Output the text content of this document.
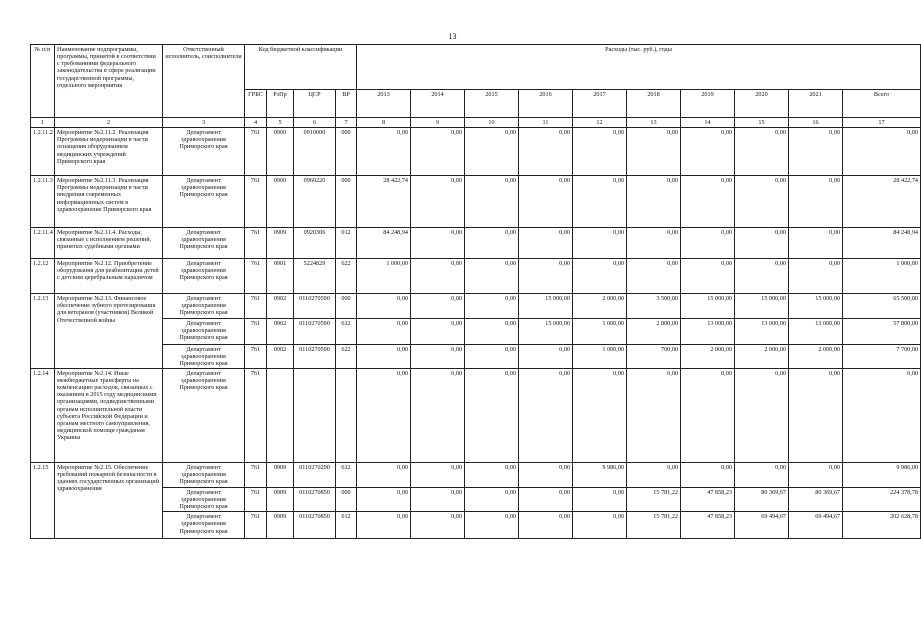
13
№ п/п	Наименование подпрограммы, программы, принятой в соответствии с требованиями федерального законодательства в сфере реализации государственной программы, отдельного мероприятия	Ответственный исполнитель, соисполнители	Код бюджетной классификации				Расходы (тыс. руб.), годы									
			ГРБС	РзПр	ЦСР	ВР	2013	2014	2015	2016	2017	2018	2019	2020	2021	Всего
1	2	3	4	5	6	7	8	9	10	11	12	13	14	15	16	17
1.2.11.2	Мероприятие №2.11.2. Реализация Программы модернизации в части оснащения оборудованием медицинских учреждений Приморского края	Департамент здравоохранения Приморского края	761	0900	0910000	000	0,00	0,00	0,00	0,00	0,00	0,00	0,00	0,00	0,00	0,00
1.2.11.3	Мероприятие №2.11.3. Реализация Программы модернизации в части внедрения современных информационных систем в здравоохранение Приморского края	Департамент здравоохранения Приморского края	761	0900	0960220	000	28 422,74	0,00	0,00	0,00	0,00	0,00	0,00	0,00	0,00	28 422,74
1.2.11.4	Мероприятие №2.11.4. Расходы, связанные с исполнением решений, принятых судебными органами	Департамент здравоохранения Приморского края	761	0909	0920306	012	84 248,94	0,00	0,00	0,00	0,00	0,00	0,00	0,00	0,00	84 248,94
1.2.12	Мероприятие №2.12. Приобретение оборудования для реабилитации детей с детским церебральным параличом	Департамент здравоохранения Приморского края	761	0901	5224829	622	1 000,00	0,00	0,00	0,00	0,00	0,00	0,00	0,00	0,00	1 000,00
1.2.13	Мероприятие №2.13. Финансовое обеспечение зубного протезирования для ветеранов (участников) Великой Отечественной войны	Департамент здравоохранения Приморского края	761	0902	0110270590	000	0,00	0,00	0,00	15 000,00	2 000,00	3 500,00	15 000,00	15 000,00	15 000,00	65 500,00
		Департамент здравоохранения Приморского края	761	0902	0110270590	612	0,00	0,00	0,00	15 000,00	1 000,00	2 800,00	13 000,00	13 000,00	13 000,00	57 800,00
		Департамент здравоохранения Приморского края	761	0902	0110270590	622	0,00	0,00	0,00	0,00	1 000,00	700,00	2 000,00	2 000,00	2 000,00	7 700,00
1.2.14	Мероприятие №2.14. Иные межбюджетные трансферты на компенсацию расходов, связанных с оказанием в 2015 году медицинскими организациями, подведомственными органам исполнительной власти субъекта Российской Федерации и органам местного самоуправления, медицинской помощи гражданам Украины	Департамент здравоохранения Приморского края	761				0,00	0,00	0,00	0,00	0,00	0,00	0,00	0,00	0,00	0,00
1.2.15	Мероприятие №2.15. Обеспечение требований пожарной безопасности в зданиях государственных организаций здравоохранения	Департамент здравоохранения Приморского края	761	0909	0110270290	612	0,00	0,00	0,00	0,00	9 986,00	0,00	0,00	0,00	0,00	9 986,00
		Департамент здравоохранения Приморского края	761	0909	0110270850	000	0,00	0,00	0,00	0,00	0,00	15 781,22	47 858,23	80 369,67	80 369,67	224 378,78
		Департамент здравоохранения Приморского края	761	0909	0110270850	612	0,00	0,00	0,00	0,00	0,00	15 781,22	47 858,23	69 494,67	69 494,67	202 628,78
